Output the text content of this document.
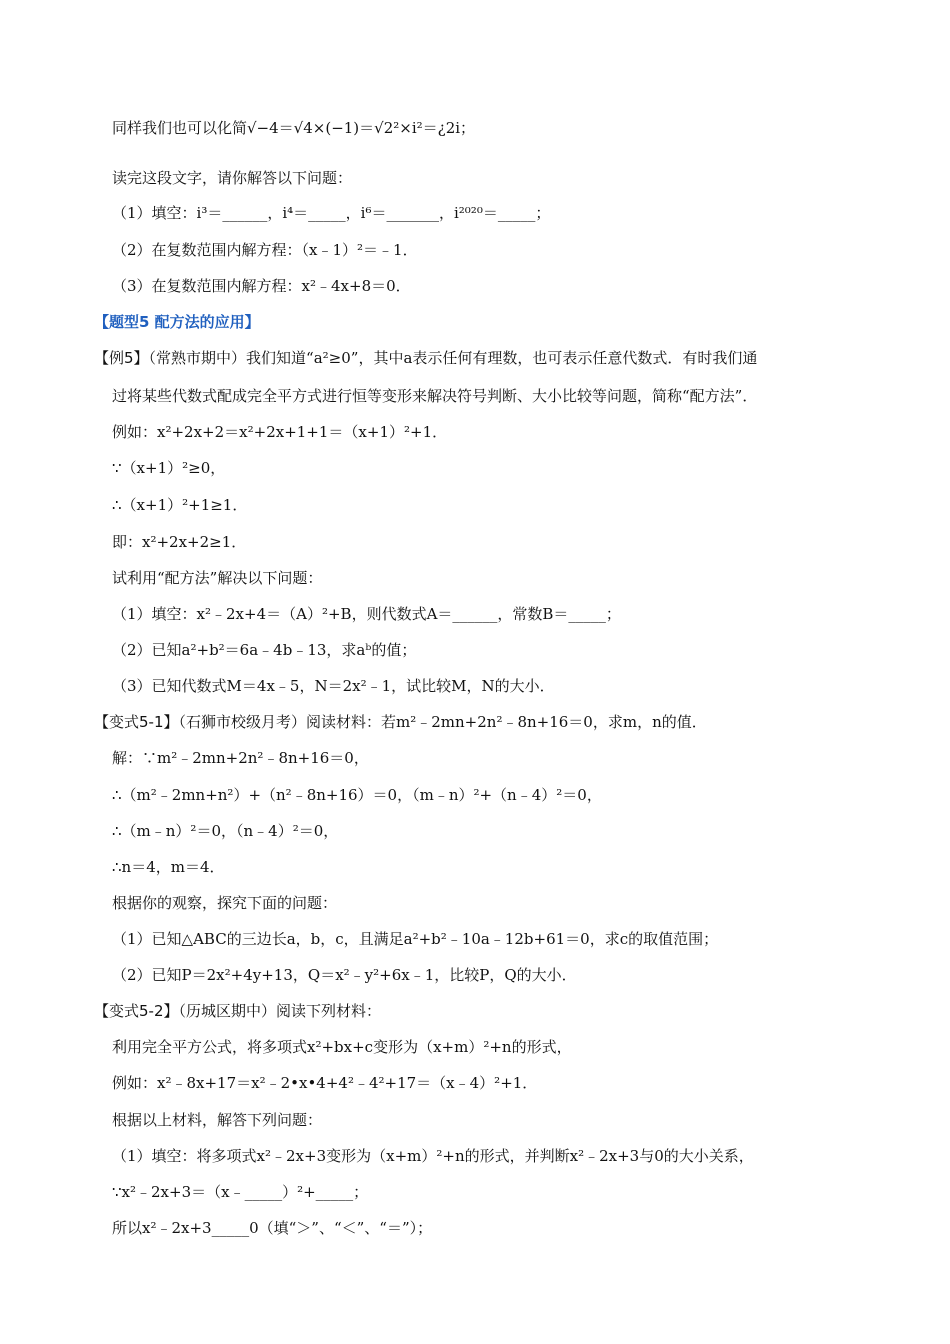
同样我们也可以化简√−4＝√4×(−1)＝√2²×i²＝¿2i；
读完这段文字，请你解答以下问题：
（1）填空：i³＝______，i⁴＝_____，i⁶＝_______，i²⁰²⁰＝_____；
（2）在复数范围内解方程：（x﹣1）²＝﹣1．
（3）在复数范围内解方程：x²﹣4x+8＝0．
【题型5 配方法的应用】
【例5】（常熟市期中）我们知道“a²≥0”，其中a表示任何有理数，也可表示任意代数式．有时我们通
过将某些代数式配成完全平方式进行恒等变形来解决符号判断、大小比较等问题，简称“配方法”．
例如：x²+2x+2＝x²+2x+1+1＝（x+1）²+1．
∵（x+1）²≥0，
∴（x+1）²+1≥1．
即：x²+2x+2≥1．
试利用“配方法”解决以下问题：
（1）填空：x²﹣2x+4＝（A）²+B，则代数式A＝______，常数B＝_____；
（2）已知a²+b²＝6a﹣4b﹣13，求aᵇ的值；
（3）已知代数式M＝4x﹣5，N＝2x²﹣1，试比较M，N的大小．
【变式5-1】（石狮市校级月考）阅读材料：若m²﹣2mn+2n²﹣8n+16＝0，求m，n的值．
解：∵m²﹣2mn+2n²﹣8n+16＝0，
∴（m²﹣2mn+n²）+（n²﹣8n+16）＝0，（m﹣n）²+（n﹣4）²＝0，
∴（m﹣n）²＝0，（n﹣4）²＝0，
∴n＝4，m＝4．
根据你的观察，探究下面的问题：
（1）已知△ABC的三边长a，b，c，且满足a²+b²﹣10a﹣12b+61＝0，求c的取值范围；
（2）已知P＝2x²+4y+13，Q＝x²﹣y²+6x﹣1，比较P，Q的大小．
【变式5-2】（历城区期中）阅读下列材料：
利用完全平方公式，将多项式x²+bx+c变形为（x+m）²+n的形式，
例如：x²﹣8x+17＝x²﹣2•x•4+4²﹣4²+17＝（x﹣4）²+1．
根据以上材料，解答下列问题：
（1）填空：将多项式x²﹣2x+3变形为（x+m）²+n的形式，并判断x²﹣2x+3与0的大小关系，
∵x²﹣2x+3＝（x﹣_____）²+_____；
所以x²﹣2x+3_____0（填“＞”、“＜”、“＝”）；
